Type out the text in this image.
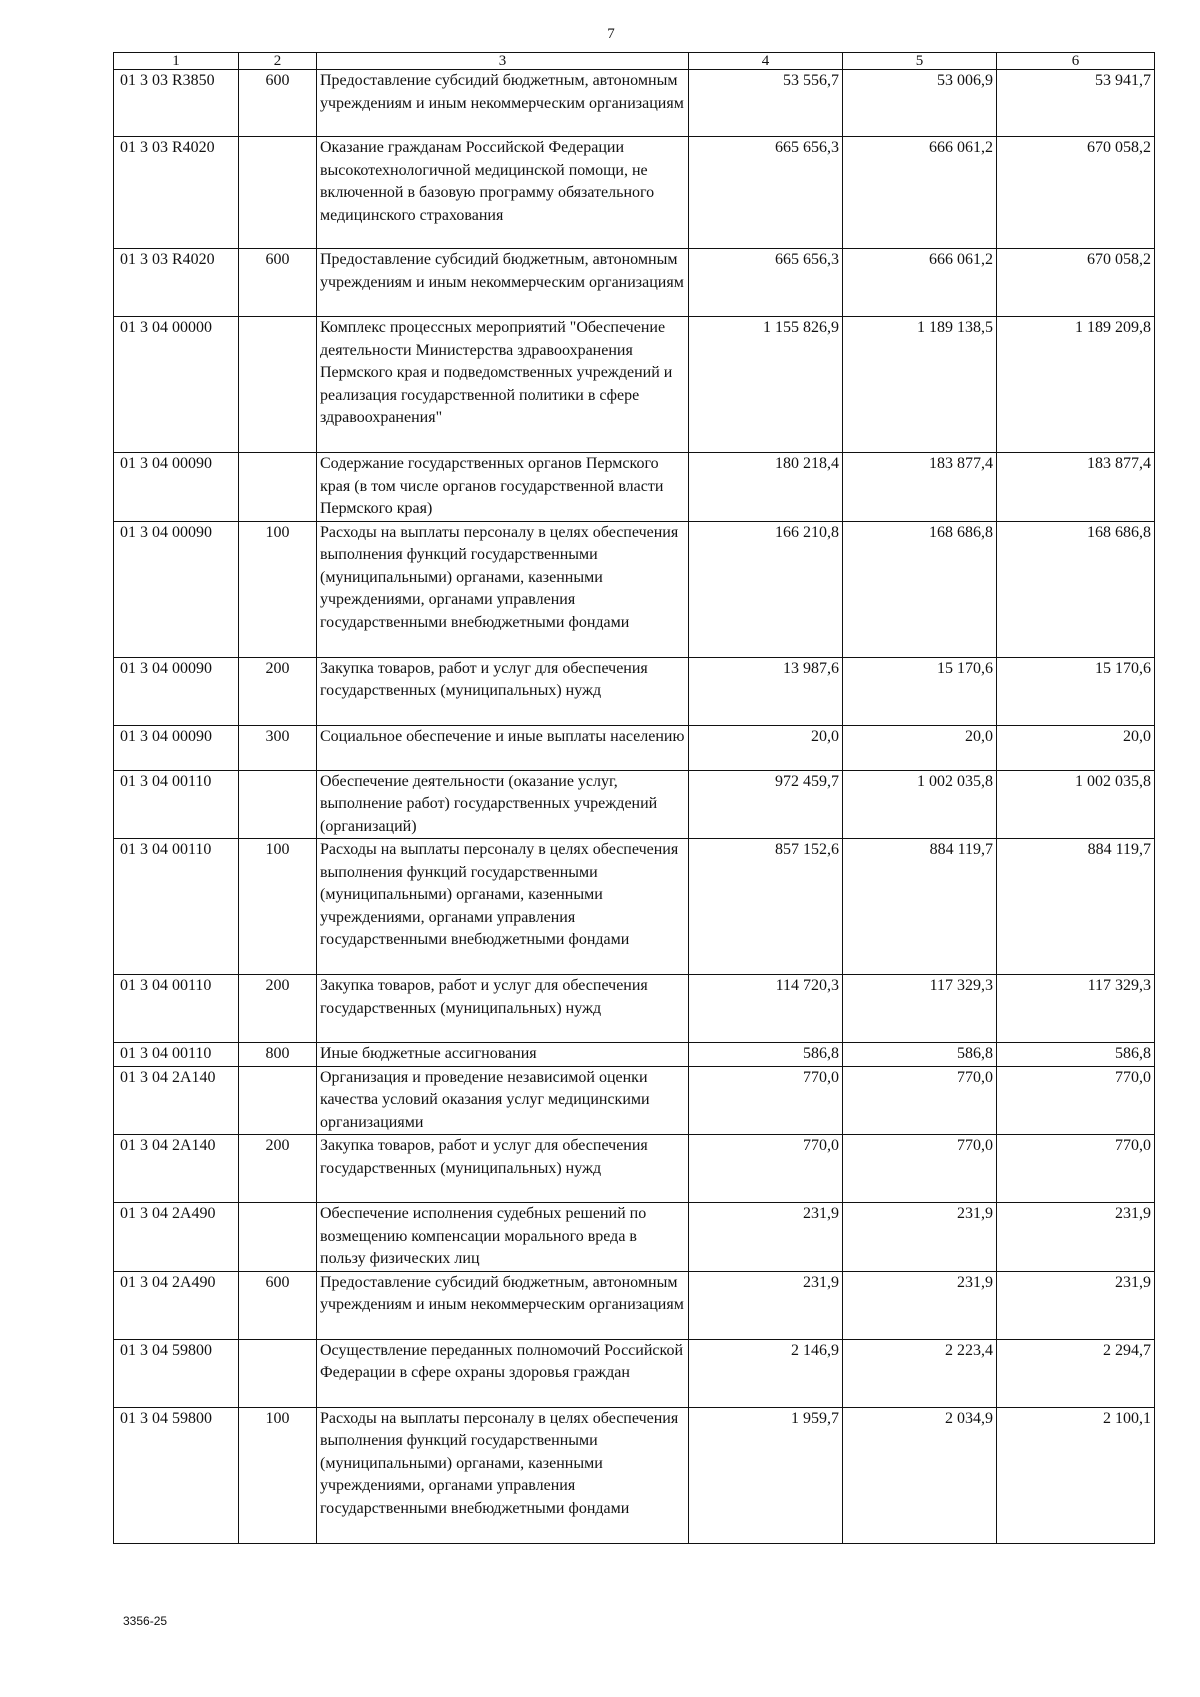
7
1	2	3	4	5	6
01 3 03 R3850	600	Предоставление субсидий бюджетным, автономным учреждениям и иным некоммерческим организациям	53 556,7	53 006,9	53 941,7
01 3 03 R4020		Оказание гражданам Российской Федерации высокотехнологичной медицинской помощи, не включенной в базовую программу обязательного медицинского страхования	665 656,3	666 061,2	670 058,2
01 3 03 R4020	600	Предоставление субсидий бюджетным, автономным учреждениям и иным некоммерческим организациям	665 656,3	666 061,2	670 058,2
01 3 04 00000		Комплекс процессных мероприятий "Обеспечение деятельности Министерства здравоохранения Пермского края и подведомственных учреждений и реализация государственной политики в сфере здравоохранения"	1 155 826,9	1 189 138,5	1 189 209,8
01 3 04 00090		Содержание государственных органов Пермского края (в том числе органов государственной власти Пермского края)	180 218,4	183 877,4	183 877,4
01 3 04 00090	100	Расходы на выплаты персоналу в целях обеспечения выполнения функций государственными (муниципальными) органами, казенными учреждениями, органами управления государственными внебюджетными фондами	166 210,8	168 686,8	168 686,8
01 3 04 00090	200	Закупка товаров, работ и услуг для обеспечения государственных (муниципальных) нужд	13 987,6	15 170,6	15 170,6
01 3 04 00090	300	Социальное обеспечение и иные выплаты населению	20,0	20,0	20,0
01 3 04 00110		Обеспечение деятельности (оказание услуг, выполнение работ) государственных учреждений (организаций)	972 459,7	1 002 035,8	1 002 035,8
01 3 04 00110	100	Расходы на выплаты персоналу в целях обеспечения выполнения функций государственными (муниципальными) органами, казенными учреждениями, органами управления государственными внебюджетными фондами	857 152,6	884 119,7	884 119,7
01 3 04 00110	200	Закупка товаров, работ и услуг для обеспечения государственных (муниципальных) нужд	114 720,3	117 329,3	117 329,3
01 3 04 00110	800	Иные бюджетные ассигнования	586,8	586,8	586,8
01 3 04 2А140		Организация и проведение независимой оценки качества условий оказания услуг медицинскими организациями	770,0	770,0	770,0
01 3 04 2А140	200	Закупка товаров, работ и услуг для обеспечения государственных (муниципальных) нужд	770,0	770,0	770,0
01 3 04 2А490		Обеспечение исполнения судебных решений по возмещению компенсации морального вреда в пользу физических лиц	231,9	231,9	231,9
01 3 04 2А490	600	Предоставление субсидий бюджетным, автономным учреждениям и иным некоммерческим организациям	231,9	231,9	231,9
01 3 04 59800		Осуществление переданных полномочий Российской Федерации в сфере охраны здоровья граждан	2 146,9	2 223,4	2 294,7
01 3 04 59800	100	Расходы на выплаты персоналу в целях обеспечения выполнения функций государственными (муниципальными) органами, казенными учреждениями, органами управления государственными внебюджетными фондами	1 959,7	2 034,9	2 100,1
3356-25
